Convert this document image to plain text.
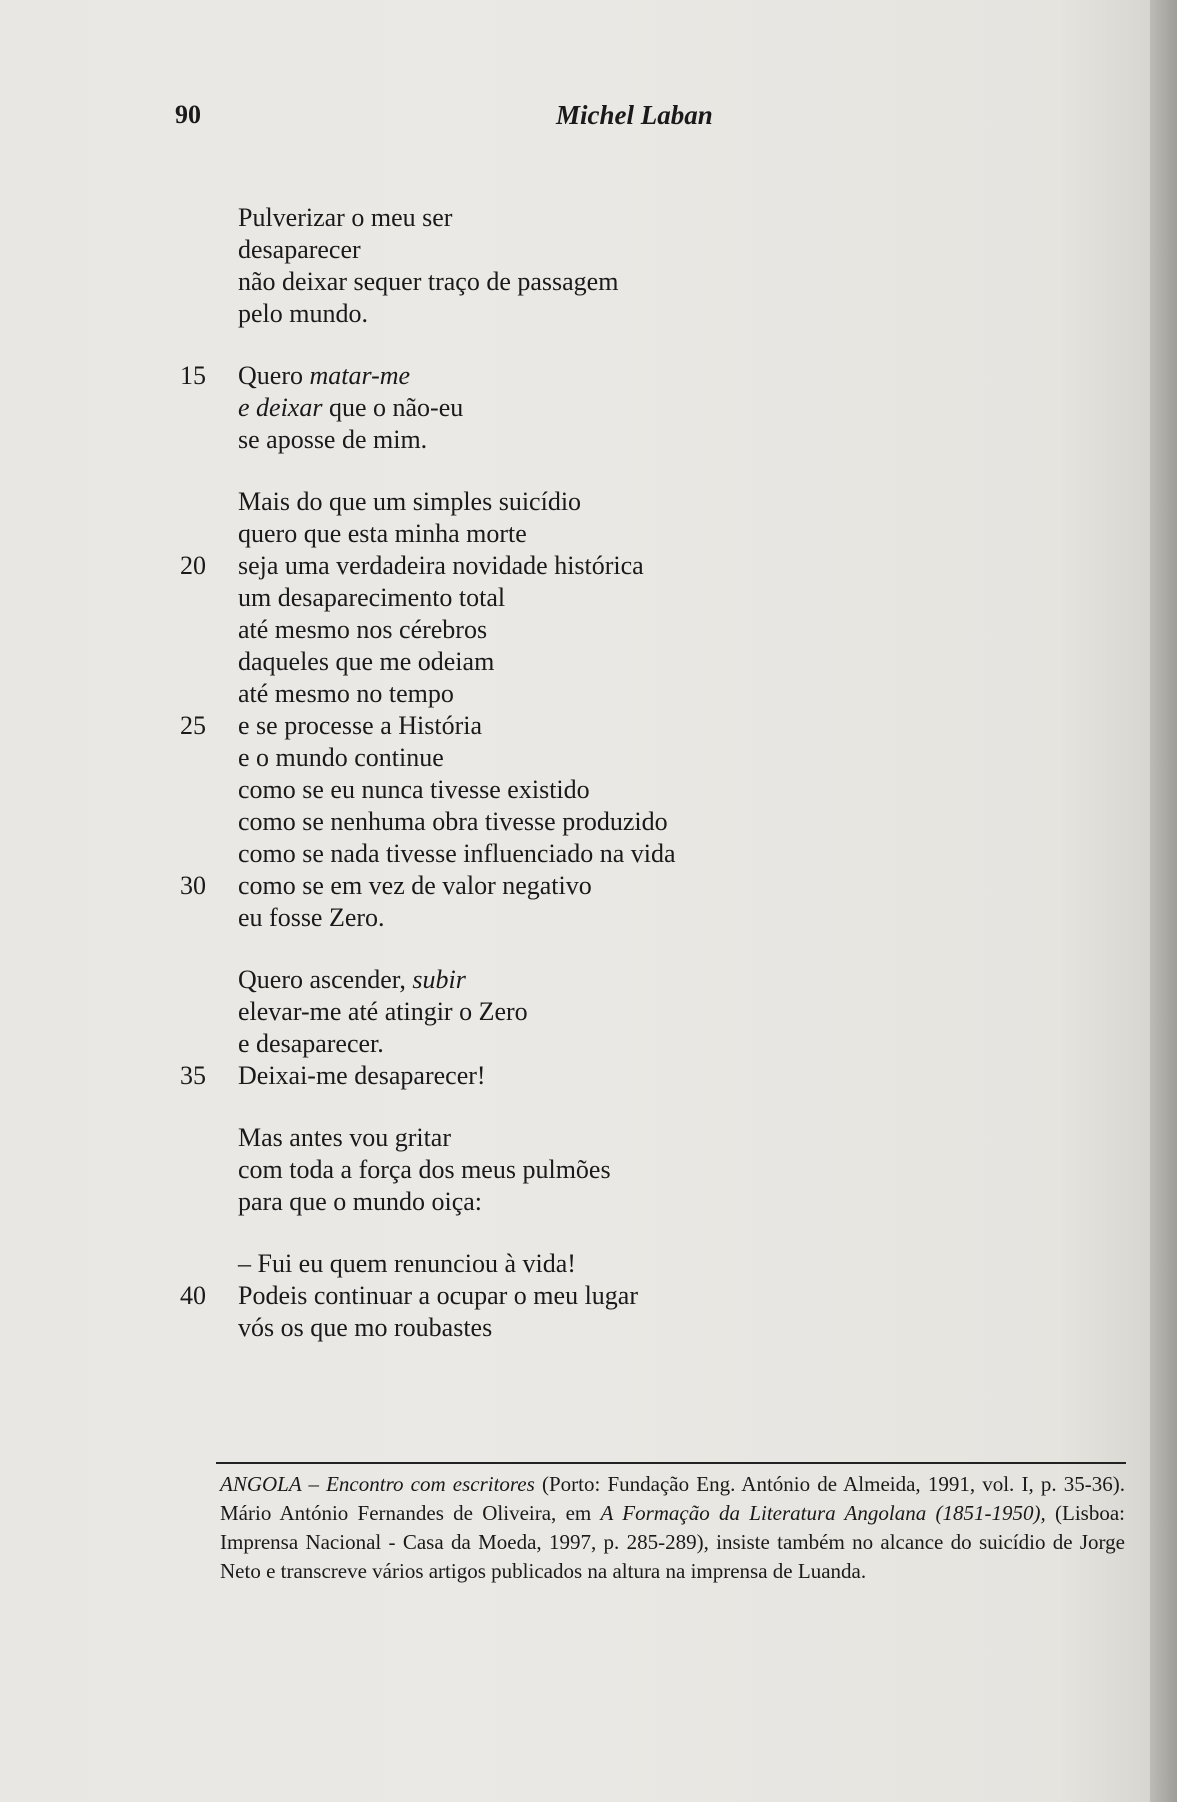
90	Michel Laban
Pulverizar o meu ser
desaparecer
não deixar sequer traço de passagem
pelo mundo.
15	Quero matar-me
e deixar que o não-eu
se aposse de mim.
Mais do que um simples suicídio
quero que esta minha morte
20	seja uma verdadeira novidade histórica
um desaparecimento total
até mesmo nos cérebros
daqueles que me odeiam
até mesmo no tempo
25	e se processe a História
e o mundo continue
como se eu nunca tivesse existido
como se nenhuma obra tivesse produzido
como se nada tivesse influenciado na vida
30	como se em vez de valor negativo
eu fosse Zero.
Quero ascender, subir
elevar-me até atingir o Zero
e desaparecer.
35	Deixai-me desaparecer!
Mas antes vou gritar
com toda a força dos meus pulmões
para que o mundo oiça:
– Fui eu quem renunciou à vida!
40	Podeis continuar a ocupar o meu lugar
vós os que mo roubastes
ANGOLA – Encontro com escritores (Porto: Fundação Eng. António de Almeida, 1991, vol. I, p. 35-36). Mário António Fernandes de Oliveira, em A Formação da Literatura Angolana (1851-1950), (Lisboa: Imprensa Nacional - Casa da Moeda, 1997, p. 285-289), insiste também no alcance do suicídio de Jorge Neto e transcreve vários artigos publicados na altura na imprensa de Luanda.
